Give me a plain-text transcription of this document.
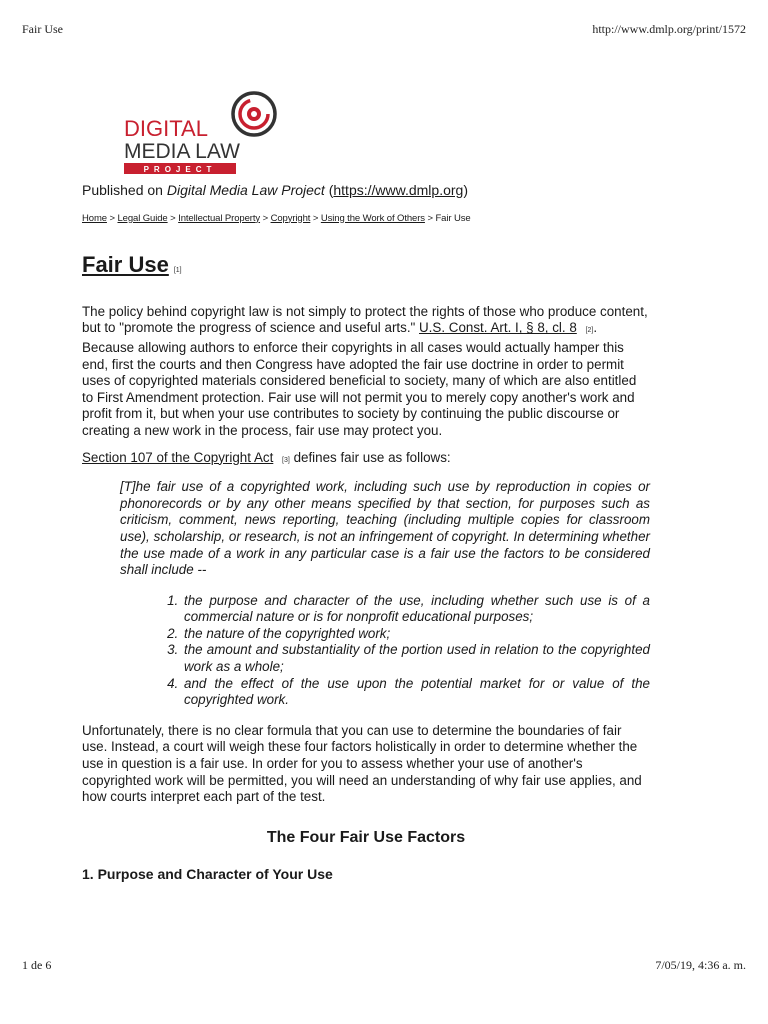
Fair Use	http://www.dmlp.org/print/1572
DIGITAL
MEDIA LAW
PROJECT
Published on Digital Media Law Project (https://www.dmlp.org)
Home > Legal Guide > Intellectual Property > Copyright > Using the Work of Others > Fair Use
Fair Use [1]

The policy behind copyright law is not simply to protect the rights of those who produce content, but to "promote the progress of science and useful arts." U.S. Const. Art. I, § 8, cl. 8 [2]. Because allowing authors to enforce their copyrights in all cases would actually hamper this end, first the courts and then Congress have adopted the fair use doctrine in order to permit uses of copyrighted materials considered beneficial to society, many of which are also entitled to First Amendment protection. Fair use will not permit you to merely copy another's work and profit from it, but when your use contributes to society by continuing the public discourse or creating a new work in the process, fair use may protect you.

Section 107 of the Copyright Act [3] defines fair use as follows:

[T]he fair use of a copyrighted work, including such use by reproduction in copies or phonorecords or by any other means specified by that section, for purposes such as criticism, comment, news reporting, teaching (including multiple copies for classroom use), scholarship, or research, is not an infringement of copyright. In determining whether the use made of a work in any particular case is a fair use the factors to be considered shall include --

1. the purpose and character of the use, including whether such use is of a commercial nature or is for nonprofit educational purposes;
2. the nature of the copyrighted work;
3. the amount and substantiality of the portion used in relation to the copyrighted work as a whole;
4. and the effect of the use upon the potential market for or value of the copyrighted work.

Unfortunately, there is no clear formula that you can use to determine the boundaries of fair use. Instead, a court will weigh these four factors holistically in order to determine whether the use in question is a fair use. In order for you to assess whether your use of another's copyrighted work will be permitted, you will need an understanding of why fair use applies, and how courts interpret each part of the test.

The Four Fair Use Factors
1. Purpose and Character of Your Use
1 de 6	7/05/19, 4:36 a. m.
